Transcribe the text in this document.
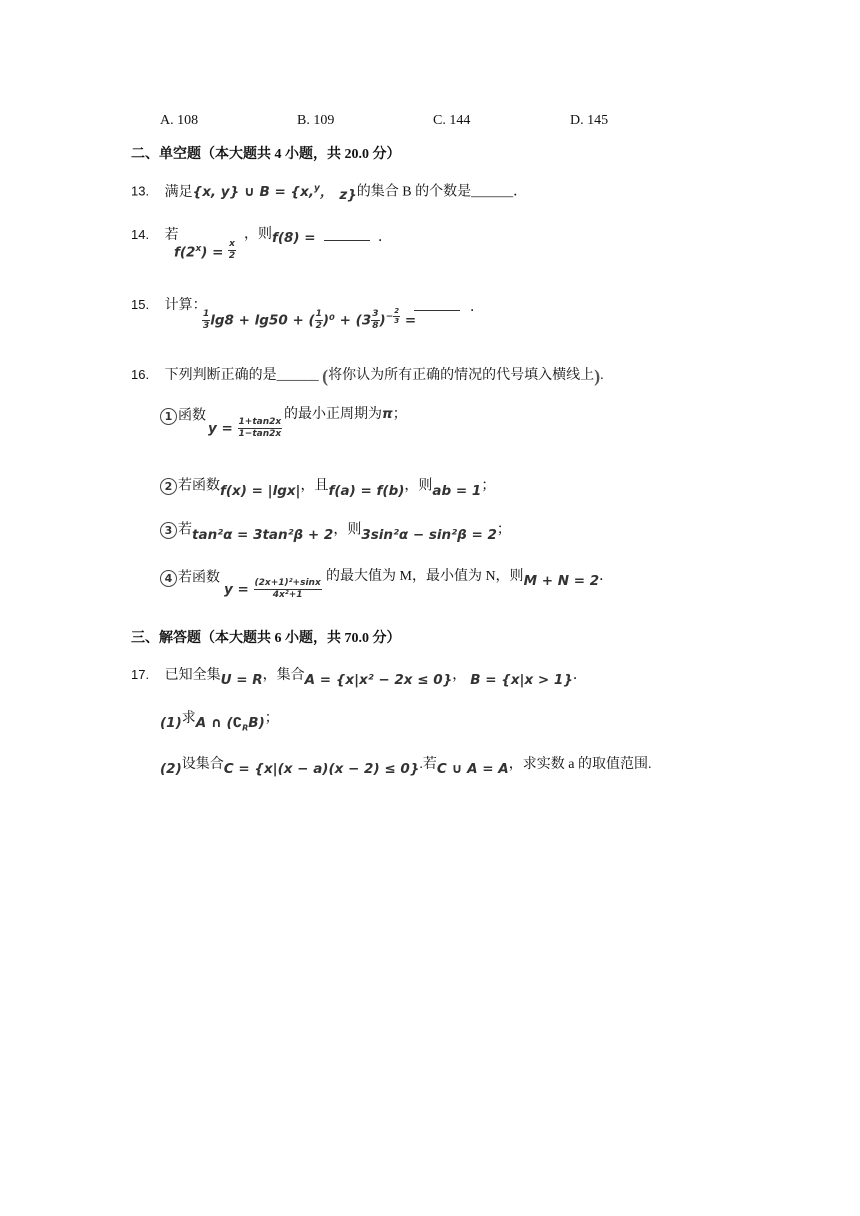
A. 108	B. 109	C. 144	D. 145
二、单空题（本大题共 4 小题，共 20.0 分）
13. 满足{x, y} ∪ B = {x,$^y$， z}的集合 B 的个数是______．
14. 若
$f(2^x) = \frac{x}{2}$
，则 f(8) =	．
15. 计算：
$\frac{1}{3} \lg 8 + \lg 50$ + ( $\frac{1}{2} )^0 + (3 \frac{3}{8} )^{- \frac{2}{3}}$ =
．
16. 下列判断正确的是______ (将你认为所有正确的情况的代号填入横线上).
1 函数
$y = \frac{1+\tan 2x}{1-\tan 2x}$
的最小正周期为π；
2 若函数f(x) = |lgx|，且f(a) = f(b)，则ab = 1；
3 若tan²α = 3tan²β + 2，则3sin²α − sin²β = 2；
4 若函数
$y = \frac{\text{(2x+1)²+sinx}}{\text{4x²+1}}$
的最大值为 M，最小值为 N，则M + N = 2．
三、解答题（本大题共 6 小题，共 70.0 分）
17. 已知全集U = R，集合A = {x|x² − 2x ≤ 0}， B = {x|x > 1}．
(1)求A ∩ $(∁_RB)$；
(2)设集合C = {x|(x − a)(x − 2) ≤ 0}.若C ∪ A = A，求实数 a 的取值范围.
